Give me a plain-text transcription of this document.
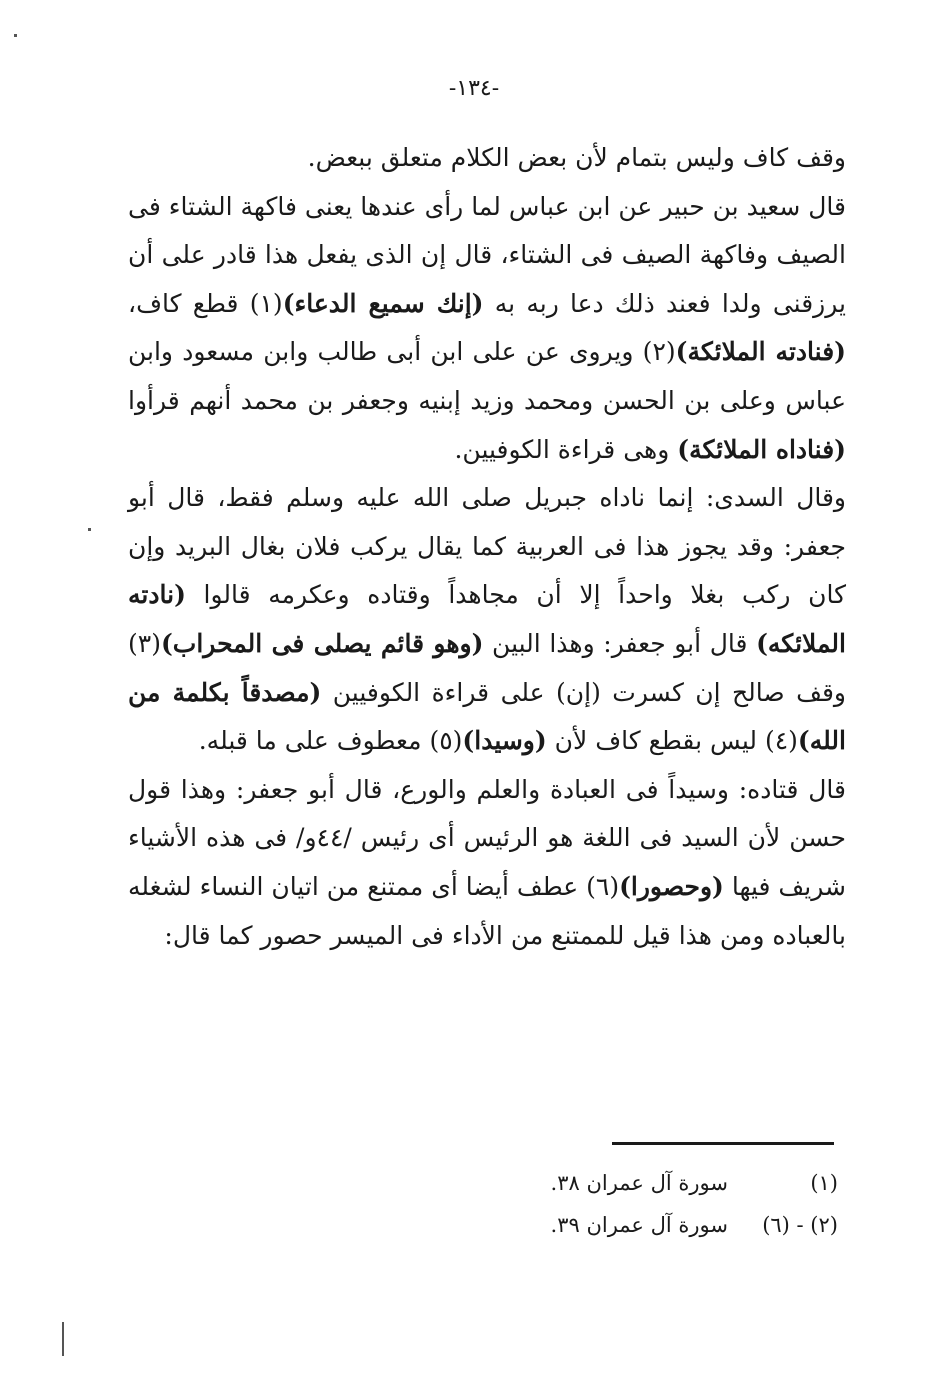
-١٣٤-

وقف كاف وليس بتمام لأن بعض الكلام متعلق ببعض.

قال سعيد بن حبير عن ابن عباس لما رأى عندها يعنى فاكهة الشتاء فى الصيف وفاكهة الصيف فى الشتاء، قال إن الذى يفعل هذا قادر على أن يرزقنى ولدا فعند ذلك دعا ربه به (إنك سميع الدعاء)(١) قطع كاف، (فنادته الملائكة)(٢) ويروى عن على ابن أبى طالب وابن مسعود وابن عباس وعلى بن الحسن ومحمد وزيد إبنيه وجعفر بن محمد أنهم قرأوا (فناداه الملائكة) وهى قراءة الكوفيين.

وقال السدى: إنما ناداه جبريل صلى الله عليه وسلم فقط، قال أبو جعفر: وقد يجوز هذا فى العربية كما يقال يركب فلان بغال البريد وإن كان ركب بغلا واحداً إلا أن مجاهداً وقتاده وعكرمه قالوا (نادته الملائكه) قال أبو جعفر: وهذا البين (وهو قائم يصلى فى المحراب)(٣) وقف صالح إن كسرت (إن) على قراءة الكوفيين (مصدقاً بكلمة من الله)(٤) ليس بقطع كاف لأن (وسيدا)(٥) معطوف على ما قبله.

قال قتاده: وسيداً فى العبادة والعلم والورع، قال أبو جعفر: وهذا قول حسن لأن السيد فى اللغة هو الرئيس أى رئيس /٤٤و/ فى هذه الأشياء شريف فيها (وحصورا)(٦) عطف أيضا أى ممتنع من اتيان النساء لشغله بالعباده ومن هذا قيل للممتنع من الأداء فى الميسر حصور كما قال:

(١)
سورة آل عمران ٣٨.
(٢) - (٦)
سورة آل عمران ٣٩.
